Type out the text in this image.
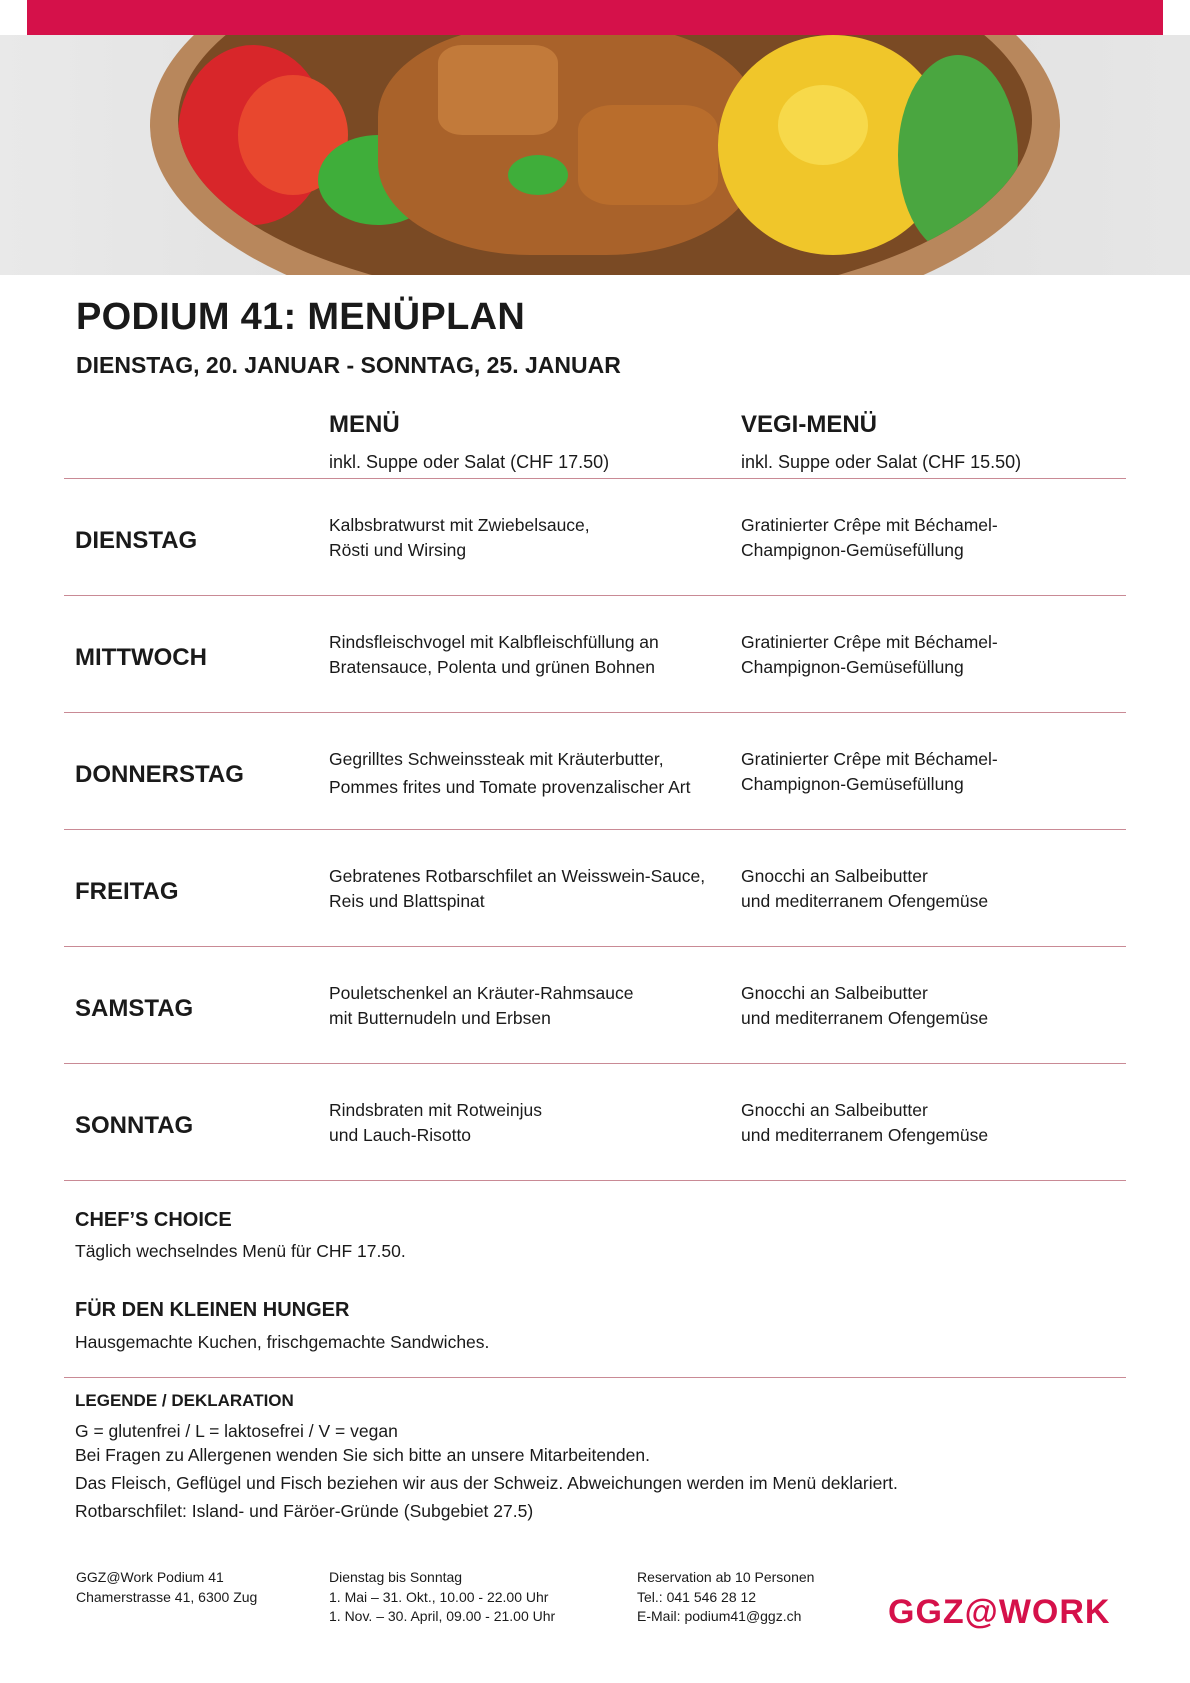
PODIUM 41: MENÜPLAN
DIENSTAG, 20. JANUAR - SONNTAG, 25. JANUAR
MENÜ
inkl. Suppe oder Salat (CHF 17.50)
VEGI-MENÜ
inkl. Suppe oder Salat (CHF 15.50)
DIENSTAG
Kalbsbratwurst mit Zwiebelsauce,
Rösti und Wirsing
Gratinierter Crêpe mit Béchamel-
Champignon-Gemüsefüllung
MITTWOCH
Rindsfleischvogel mit Kalbfleischfüllung an
Bratensauce, Polenta und grünen Bohnen
Gratinierter Crêpe mit Béchamel-
Champignon-Gemüsefüllung
DONNERSTAG
Gegrilltes Schweinssteak mit Kräuterbutter,
Pommes frites und Tomate provenzalischer Art
Gratinierter Crêpe mit Béchamel-
Champignon-Gemüsefüllung
FREITAG
Gebratenes Rotbarschfilet an Weisswein-Sauce,
Reis und Blattspinat
Gnocchi an Salbeibutter
und mediterranem Ofengemüse
SAMSTAG
Pouletschenkel an Kräuter-Rahmsauce
mit Butternudeln und Erbsen
Gnocchi an Salbeibutter
und mediterranem Ofengemüse
SONNTAG
Rindsbraten mit Rotweinjus
und Lauch-Risotto
Gnocchi an Salbeibutter
und mediterranem Ofengemüse
CHEF’S CHOICE
Täglich wechselndes Menü für CHF 17.50.
FÜR DEN KLEINEN HUNGER
Hausgemachte Kuchen, frischgemachte Sandwiches.
LEGENDE / DEKLARATION
G = glutenfrei / L = laktosefrei / V = vegan
Bei Fragen zu Allergenen wenden Sie sich bitte an unsere Mitarbeitenden.
Das Fleisch, Geflügel und Fisch beziehen wir aus der Schweiz. Abweichungen werden im Menü deklariert.
Rotbarschfilet: Island- und Färöer-Gründe (Subgebiet 27.5)
GGZ@Work Podium 41
Chamerstrasse 41, 6300 Zug
Dienstag bis Sonntag
1. Mai – 31. Okt., 10.00 - 22.00 Uhr
1. Nov. – 30. April, 09.00 - 21.00 Uhr
Reservation ab 10 Personen
Tel.: 041 546 28 12
E-Mail: podium41@ggz.ch	GGZ@WORK
